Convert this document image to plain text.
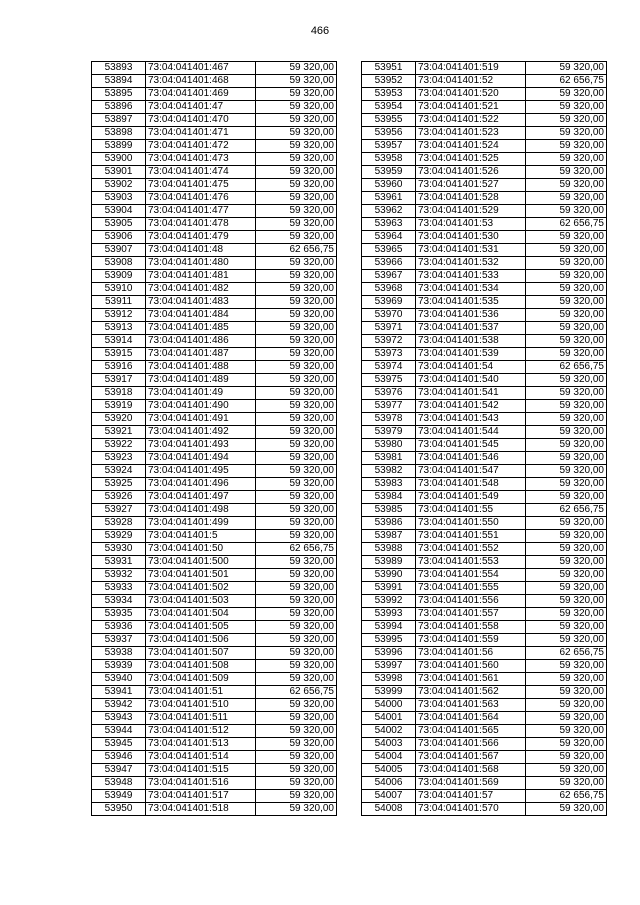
466
53893	73:04:041401:467	59 320,00
53894	73:04:041401:468	59 320,00
53895	73:04:041401:469	59 320,00
53896	73:04:041401:47	59 320,00
53897	73:04:041401:470	59 320,00
53898	73:04:041401:471	59 320,00
53899	73:04:041401:472	59 320,00
53900	73:04:041401:473	59 320,00
53901	73:04:041401:474	59 320,00
53902	73:04:041401:475	59 320,00
53903	73:04:041401:476	59 320,00
53904	73:04:041401:477	59 320,00
53905	73:04:041401:478	59 320,00
53906	73:04:041401:479	59 320,00
53907	73:04:041401:48	62 656,75
53908	73:04:041401:480	59 320,00
53909	73:04:041401:481	59 320,00
53910	73:04:041401:482	59 320,00
53911	73:04:041401:483	59 320,00
53912	73:04:041401:484	59 320,00
53913	73:04:041401:485	59 320,00
53914	73:04:041401:486	59 320,00
53915	73:04:041401:487	59 320,00
53916	73:04:041401:488	59 320,00
53917	73:04:041401:489	59 320,00
53918	73:04:041401:49	59 320,00
53919	73:04:041401:490	59 320,00
53920	73:04:041401:491	59 320,00
53921	73:04:041401:492	59 320,00
53922	73:04:041401:493	59 320,00
53923	73:04:041401:494	59 320,00
53924	73:04:041401:495	59 320,00
53925	73:04:041401:496	59 320,00
53926	73:04:041401:497	59 320,00
53927	73:04:041401:498	59 320,00
53928	73:04:041401:499	59 320,00
53929	73:04:041401:5	59 320,00
53930	73:04:041401:50	62 656,75
53931	73:04:041401:500	59 320,00
53932	73:04:041401:501	59 320,00
53933	73:04:041401:502	59 320,00
53934	73:04:041401:503	59 320,00
53935	73:04:041401:504	59 320,00
53936	73:04:041401:505	59 320,00
53937	73:04:041401:506	59 320,00
53938	73:04:041401:507	59 320,00
53939	73:04:041401:508	59 320,00
53940	73:04:041401:509	59 320,00
53941	73:04:041401:51	62 656,75
53942	73:04:041401:510	59 320,00
53943	73:04:041401:511	59 320,00
53944	73:04:041401:512	59 320,00
53945	73:04:041401:513	59 320,00
53946	73:04:041401:514	59 320,00
53947	73:04:041401:515	59 320,00
53948	73:04:041401:516	59 320,00
53949	73:04:041401:517	59 320,00
53950	73:04:041401:518	59 320,00
53951	73:04:041401:519	59 320,00
53952	73:04:041401:52	62 656,75
53953	73:04:041401:520	59 320,00
53954	73:04:041401:521	59 320,00
53955	73:04:041401:522	59 320,00
53956	73:04:041401:523	59 320,00
53957	73:04:041401:524	59 320,00
53958	73:04:041401:525	59 320,00
53959	73:04:041401:526	59 320,00
53960	73:04:041401:527	59 320,00
53961	73:04:041401:528	59 320,00
53962	73:04:041401:529	59 320,00
53963	73:04:041401:53	62 656,75
53964	73:04:041401:530	59 320,00
53965	73:04:041401:531	59 320,00
53966	73:04:041401:532	59 320,00
53967	73:04:041401:533	59 320,00
53968	73:04:041401:534	59 320,00
53969	73:04:041401:535	59 320,00
53970	73:04:041401:536	59 320,00
53971	73:04:041401:537	59 320,00
53972	73:04:041401:538	59 320,00
53973	73:04:041401:539	59 320,00
53974	73:04:041401:54	62 656,75
53975	73:04:041401:540	59 320,00
53976	73:04:041401:541	59 320,00
53977	73:04:041401:542	59 320,00
53978	73:04:041401:543	59 320,00
53979	73:04:041401:544	59 320,00
53980	73:04:041401:545	59 320,00
53981	73:04:041401:546	59 320,00
53982	73:04:041401:547	59 320,00
53983	73:04:041401:548	59 320,00
53984	73:04:041401:549	59 320,00
53985	73:04:041401:55	62 656,75
53986	73:04:041401:550	59 320,00
53987	73:04:041401:551	59 320,00
53988	73:04:041401:552	59 320,00
53989	73:04:041401:553	59 320,00
53990	73:04:041401:554	59 320,00
53991	73:04:041401:555	59 320,00
53992	73:04:041401:556	59 320,00
53993	73:04:041401:557	59 320,00
53994	73:04:041401:558	59 320,00
53995	73:04:041401:559	59 320,00
53996	73:04:041401:56	62 656,75
53997	73:04:041401:560	59 320,00
53998	73:04:041401:561	59 320,00
53999	73:04:041401:562	59 320,00
54000	73:04:041401:563	59 320,00
54001	73:04:041401:564	59 320,00
54002	73:04:041401:565	59 320,00
54003	73:04:041401:566	59 320,00
54004	73:04:041401:567	59 320,00
54005	73:04:041401:568	59 320,00
54006	73:04:041401:569	59 320,00
54007	73:04:041401:57	62 656,75
54008	73:04:041401:570	59 320,00
